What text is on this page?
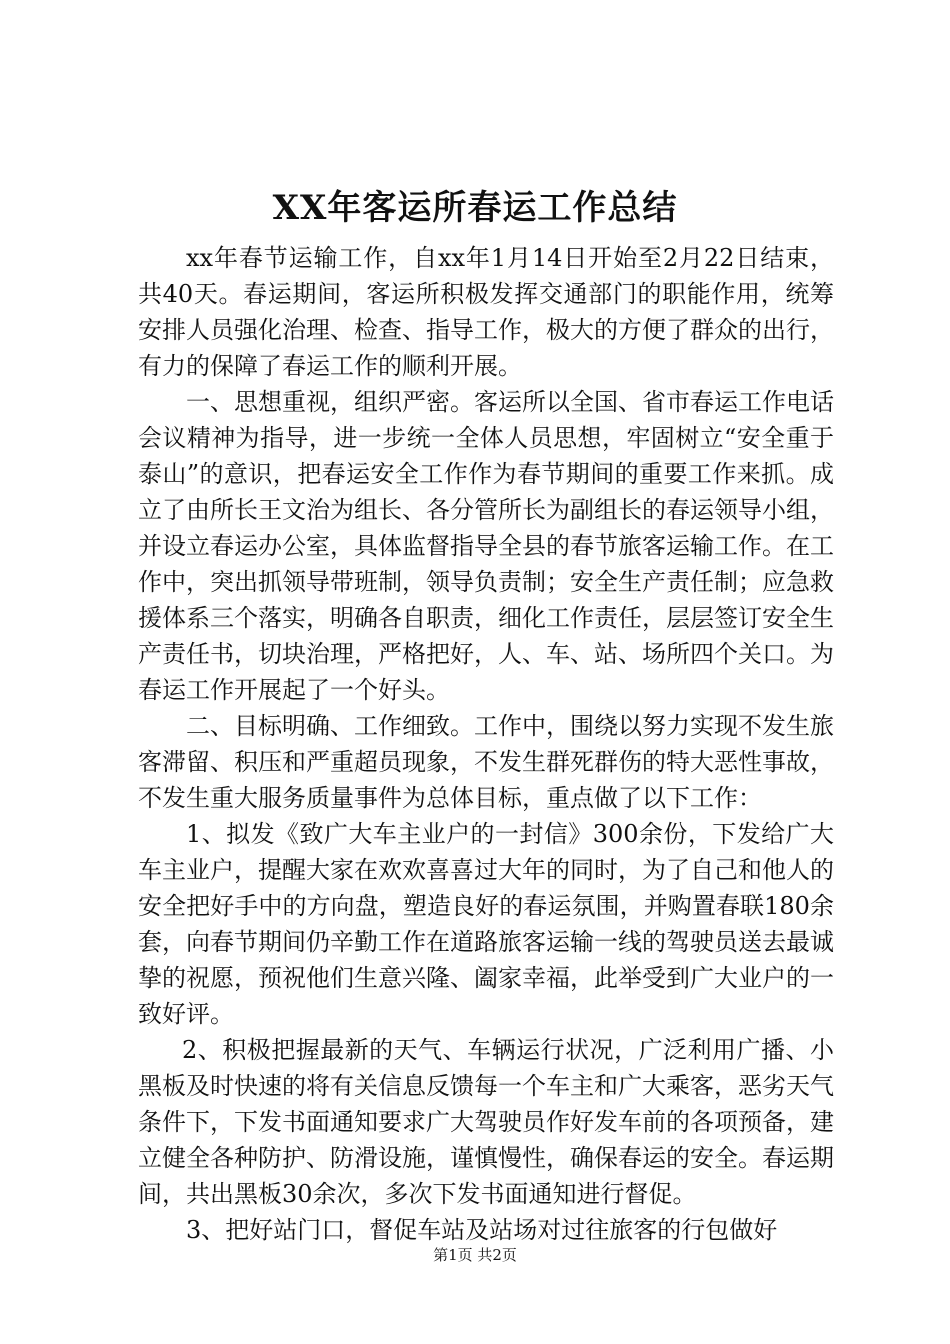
XX年客运所春运工作总结

xx年春节运输工作，自xx年1月14日开始至2月22日结束，共40天。春运期间，客运所积极发挥交通部门的职能作用，统筹安排人员强化治理、检查、指导工作，极大的方便了群众的出行，有力的保障了春运工作的顺利开展。

一、思想重视，组织严密。客运所以全国、省市春运工作电话会议精神为指导，进一步统一全体人员思想，牢固树立“安全重于泰山”的意识，把春运安全工作作为春节期间的重要工作来抓。成立了由所长王文治为组长、各分管所长为副组长的春运领导小组，并设立春运办公室，具体监督指导全县的春节旅客运输工作。在工作中，突出抓领导带班制，领导负责制；安全生产责任制；应急救援体系三个落实，明确各自职责，细化工作责任，层层签订安全生产责任书，切块治理，严格把好，人、车、站、场所四个关口。为春运工作开展起了一个好头。

二、目标明确、工作细致。工作中，围绕以努力实现不发生旅客滞留、积压和严重超员现象，不发生群死群伤的特大恶性事故，不发生重大服务质量事件为总体目标，重点做了以下工作：

1、拟发《致广大车主业户的一封信》300余份，下发给广大车主业户，提醒大家在欢欢喜喜过大年的同时，为了自己和他人的安全把好手中的方向盘，塑造良好的春运氛围，并购置春联180余套，向春节期间仍辛勤工作在道路旅客运输一线的驾驶员送去最诚挚的祝愿，预祝他们生意兴隆、阖家幸福，此举受到广大业户的一致好评。

2、积极把握最新的天气、车辆运行状况，广泛利用广播、小黑板及时快速的将有关信息反馈每一个车主和广大乘客，恶劣天气条件下，下发书面通知要求广大驾驶员作好发车前的各项预备，建立健全各种防护、防滑设施，谨慎慢性，确保春运的安全。春运期间，共出黑板30余次，多次下发书面通知进行督促。

3、把好站门口，督促车站及站场对过往旅客的行包做好

第1页 共2页
